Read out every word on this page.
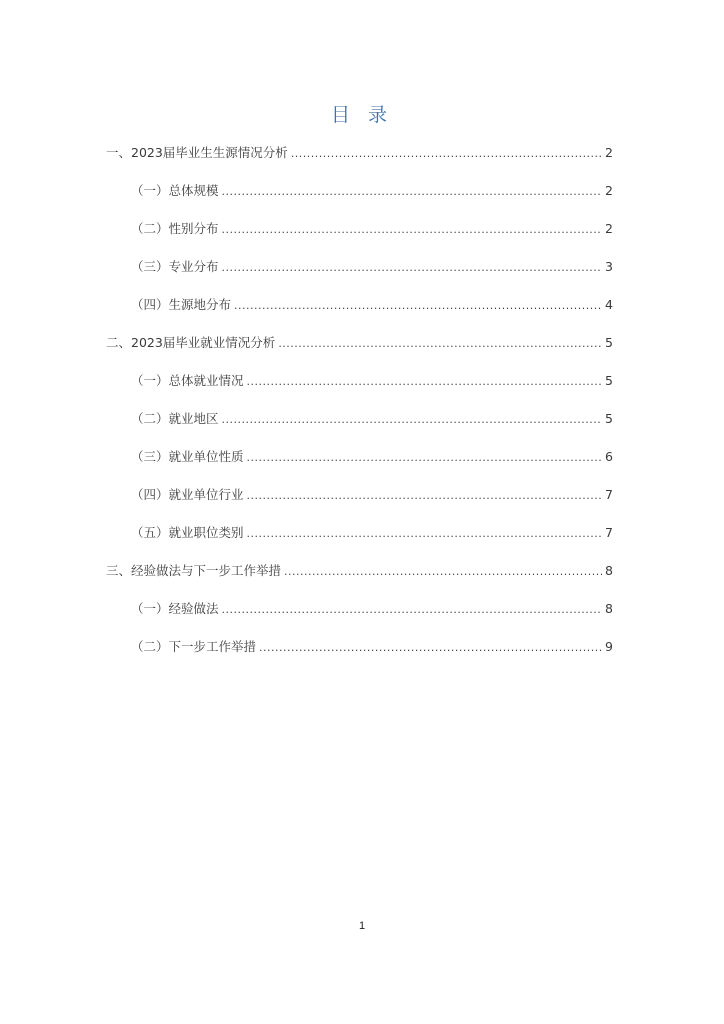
目 录
一、2023届毕业生生源情况分析 .....	2
（一）总体规模 .....	2
（二）性别分布 .....	2
（三）专业分布 .....	3
（四）生源地分布 .....	4
二、2023届毕业就业情况分析 .....	5
（一）总体就业情况 .....	5
（二）就业地区 .....	5
（三）就业单位性质 .....	6
（四）就业单位行业 .....	7
（五）就业职位类别 .....	7
三、经验做法与下一步工作举措 .....	8
（一）经验做法 .....	8
（二）下一步工作举措 .....	9
1
